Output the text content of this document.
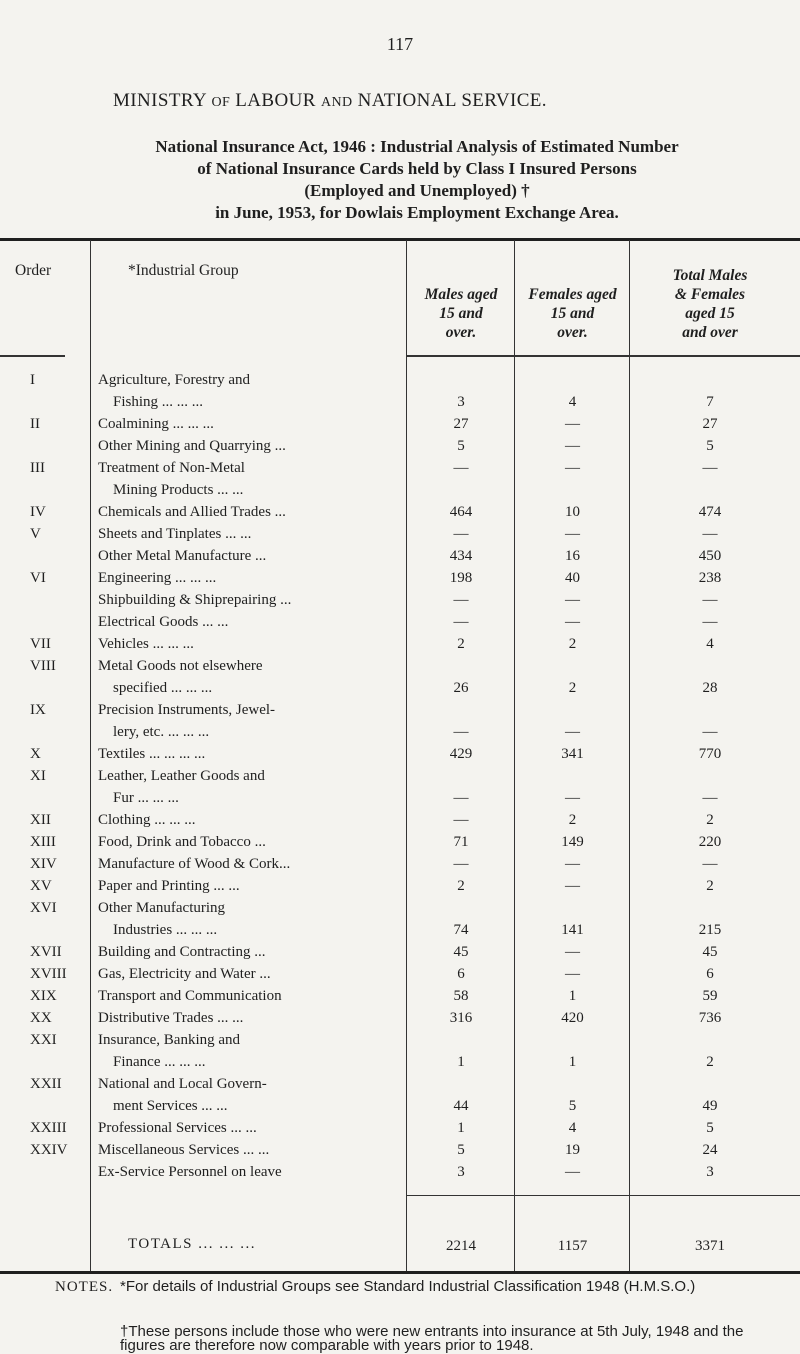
117
MINISTRY OF LABOUR AND NATIONAL SERVICE.
National Insurance Act, 1946 : Industrial Analysis of Estimated Number
of National Insurance Cards held by Class I Insured Persons
(Employed and Unemployed) †
in June, 1953, for Dowlais Employment Exchange Area.
Order	*Industrial Group
Males aged
15 and
over.
Females aged
15 and
over.
Total Males
& Females
aged 15
and over
I	Agriculture, Forestry and
Fishing ... ... ...	3	4	7
II	Coalmining ... ... ...	27	—	27
Other Mining and Quarrying ...	5	—	5
III	Treatment of Non-Metal	—	—	—
Mining Products ... ...
IV	Chemicals and Allied Trades ...	464	10	474
V	Sheets and Tinplates ... ...	—	—	—
Other Metal Manufacture ...	434	16	450
VI	Engineering ... ... ...	198	40	238
Shipbuilding & Shiprepairing ...	—	—	—
Electrical Goods ... ...	—	—	—
VII	Vehicles ... ... ...	2	2	4
VIII	Metal Goods not elsewhere
specified ... ... ...	26	2	28
IX	Precision Instruments, Jewel-
lery, etc. ... ... ...	—	—	—
X	Textiles ... ... ... ...	429	341	770
XI	Leather, Leather Goods and
Fur ... ... ...	—	—	—
XII	Clothing ... ... ...	—	2	2
XIII	Food, Drink and Tobacco ...	71	149	220
XIV	Manufacture of Wood & Cork...	—	—	—
XV	Paper and Printing ... ...	2	—	2
XVI	Other Manufacturing
Industries ... ... ...	74	141	215
XVII	Building and Contracting ...	45	—	45
XVIII	Gas, Electricity and Water ...	6	—	6
XIX	Transport and Communication	58	1	59
XX	Distributive Trades ... ...	316	420	736
XXI	Insurance, Banking and
Finance ... ... ...	1	1	2
XXII	National and Local Govern-
ment Services ... ...	44	5	49
XXIII	Professional Services ... ...	1	4	5
XXIV	Miscellaneous Services ... ...	5	19	24
Ex-Service Personnel on leave	3	—	3
TOTALS ... ... ...	2214	1157	3371
NOTES. *For details of Industrial Groups see Standard Industrial Classification 1948 (H.M.S.O.)
†These persons include those who were new entrants into insurance at 5th July, 1948 and the figures are therefore now comparable with years prior to 1948.
